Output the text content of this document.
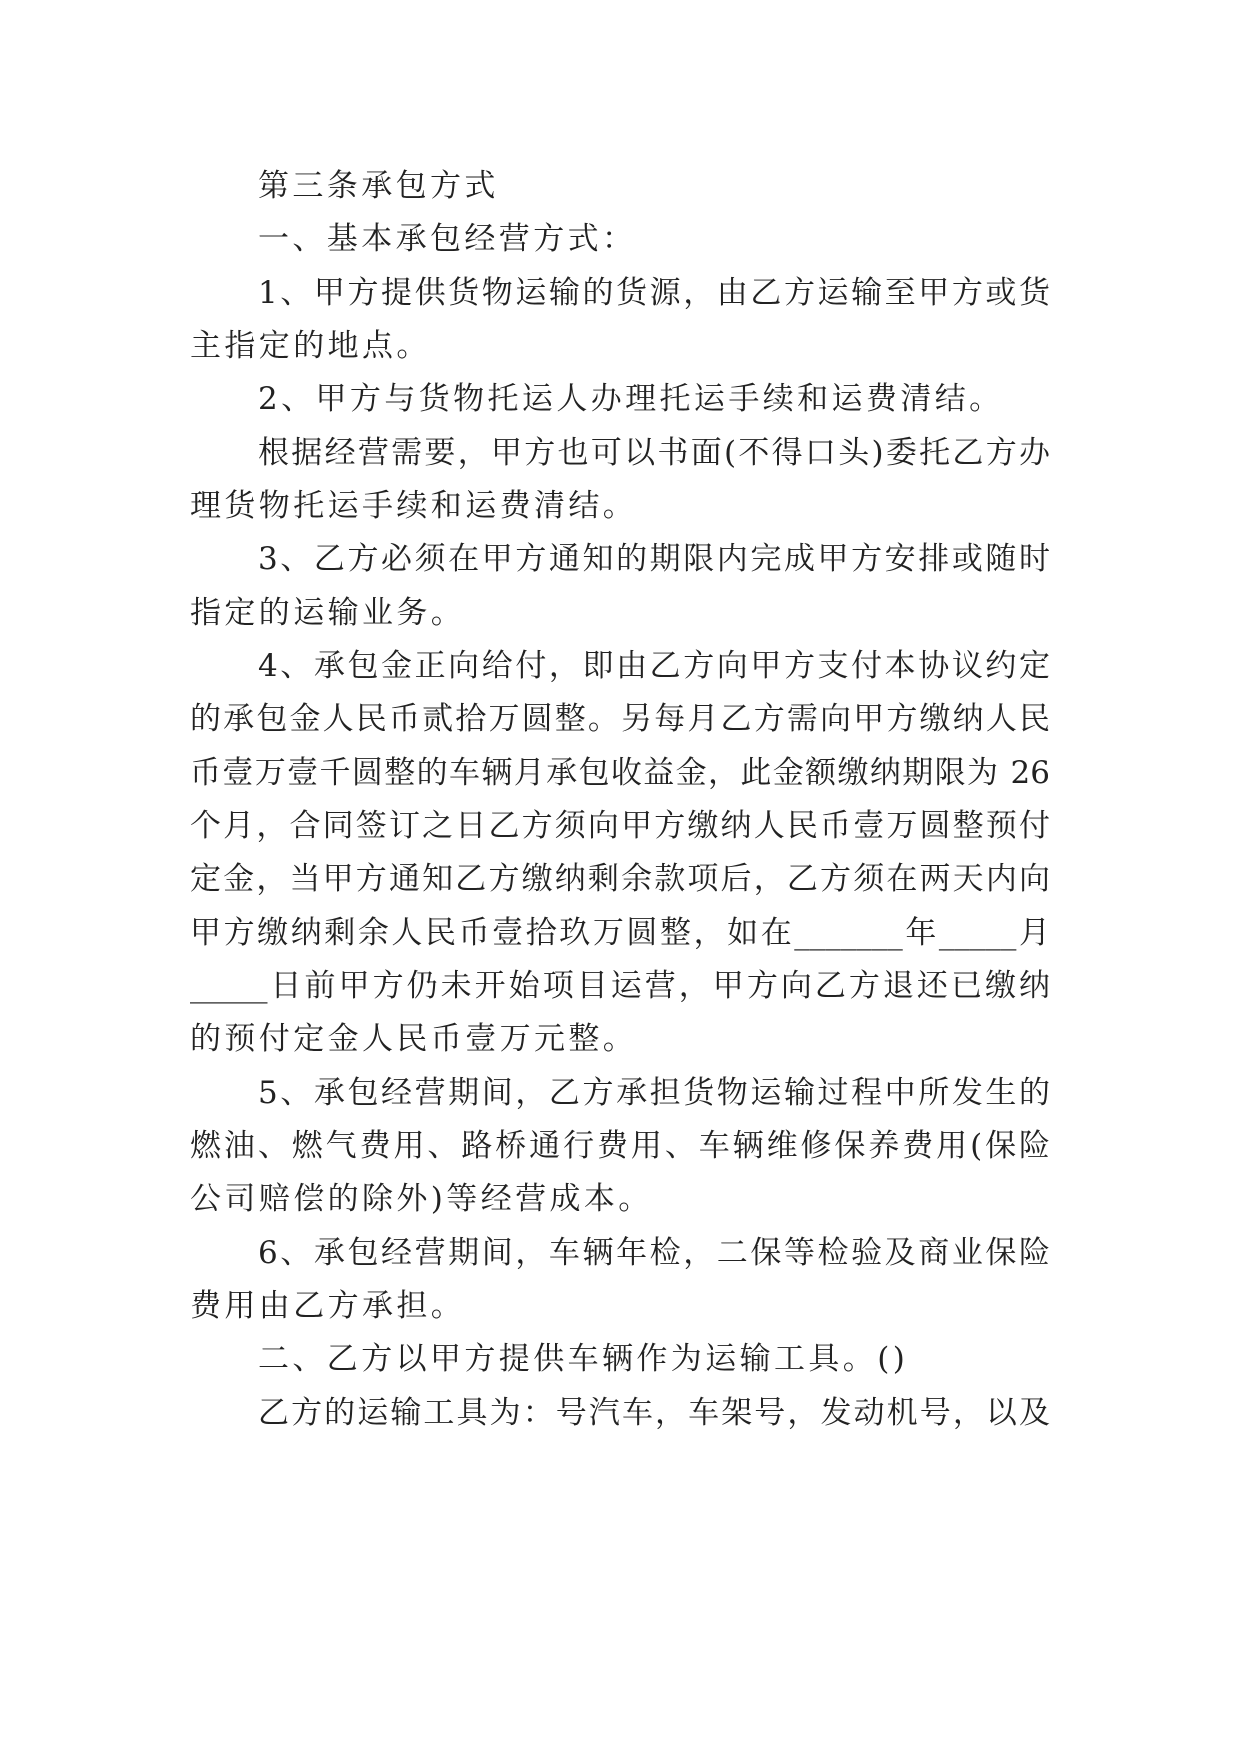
第三条承包方式
一、基本承包经营方式：
1、甲方提供货物运输的货源，由乙方运输至甲方或货
主指定的地点。
2、甲方与货物托运人办理托运手续和运费清结。
根据经营需要，甲方也可以书面(不得口头)委托乙方办
理货物托运手续和运费清结。
3、乙方必须在甲方通知的期限内完成甲方安排或随时
指定的运输业务。
4、承包金正向给付，即由乙方向甲方支付本协议约定
的承包金人民币贰拾万圆整。另每月乙方需向甲方缴纳人民
币壹万壹千圆整的车辆月承包收益金，此金额缴纳期限为 26
个月，合同签订之日乙方须向甲方缴纳人民币壹万圆整预付
定金，当甲方通知乙方缴纳剩余款项后，乙方须在两天内向
甲方缴纳剩余人民币壹拾玖万圆整，如在_______年_____月
_____日前甲方仍未开始项目运营，甲方向乙方退还已缴纳
的预付定金人民币壹万元整。
5、承包经营期间，乙方承担货物运输过程中所发生的
燃油、燃气费用、路桥通行费用、车辆维修保养费用(保险
公司赔偿的除外)等经营成本。
6、承包经营期间，车辆年检，二保等检验及商业保险
费用由乙方承担。
二、乙方以甲方提供车辆作为运输工具。()
乙方的运输工具为：号汽车，车架号，发动机号，以及
